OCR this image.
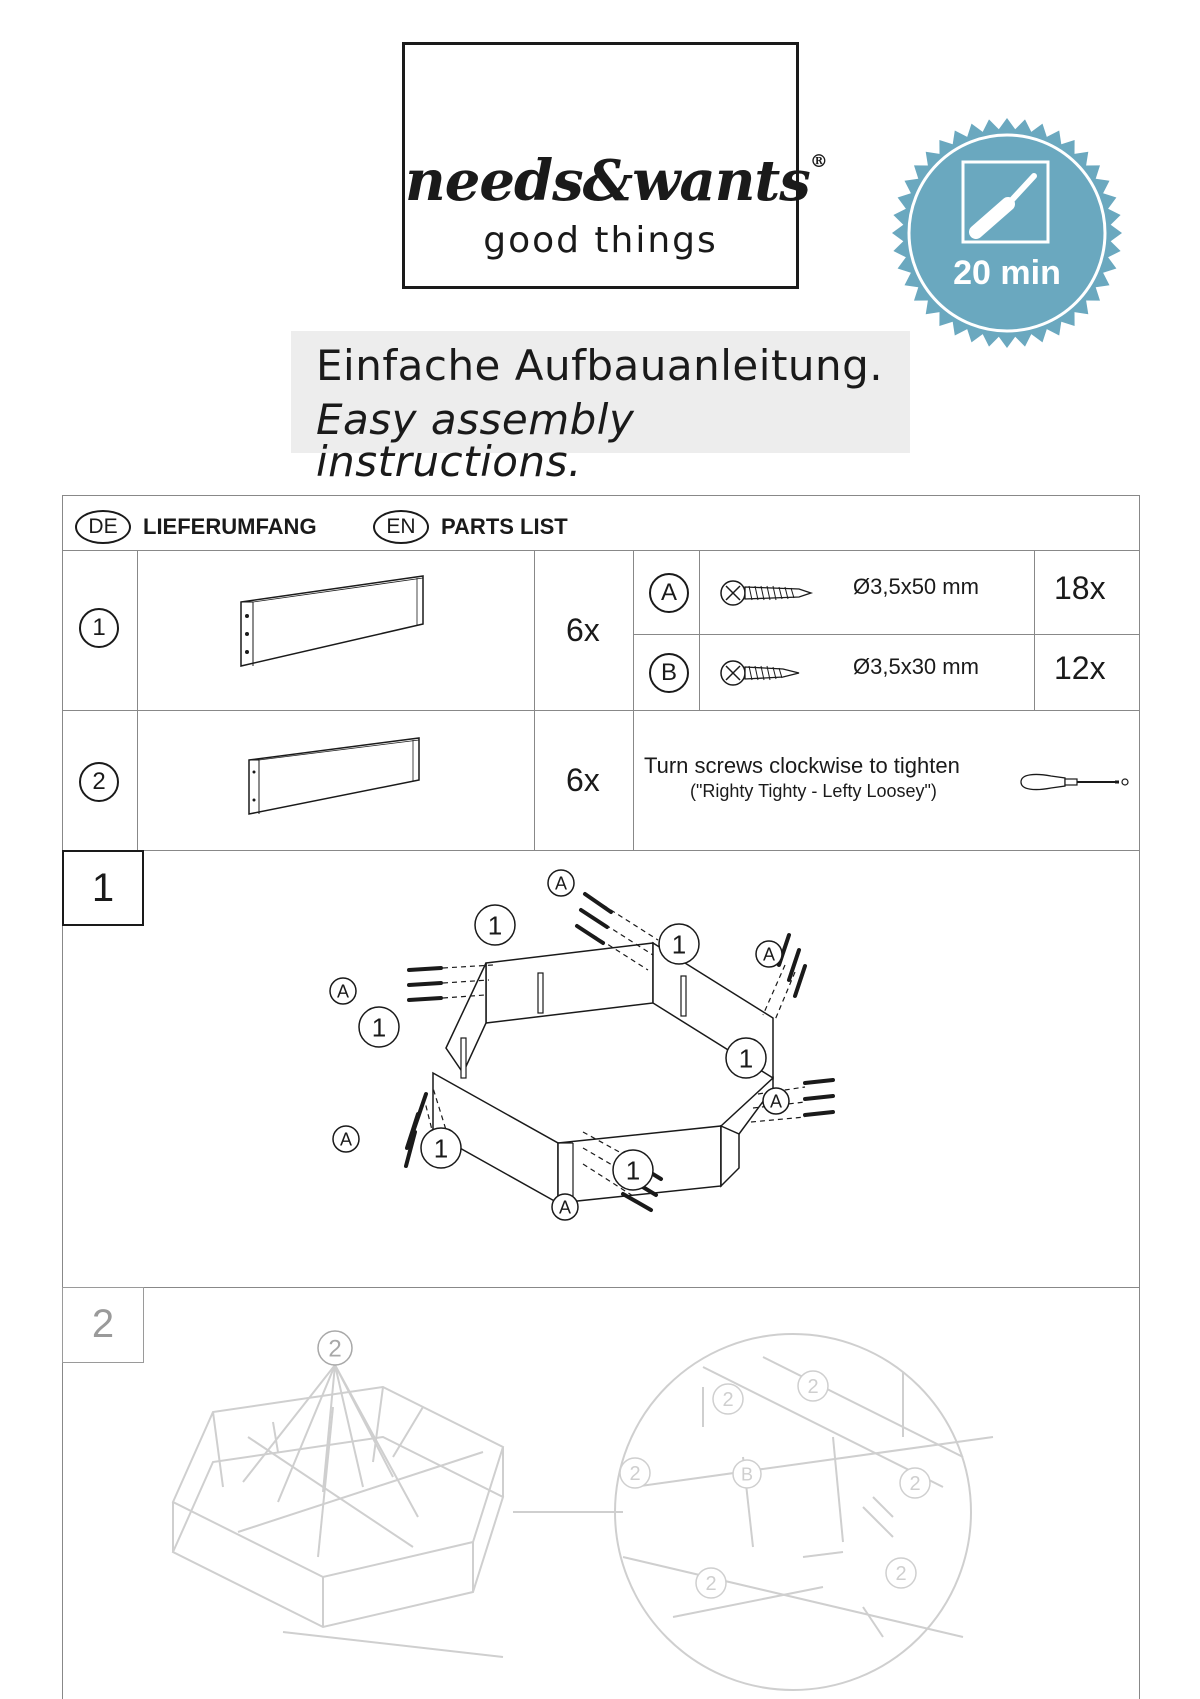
needs&wants®
good things
20 min
Einfache Aufbauanleitung.
Easy assembly instructions.
DE	LIEFERUMFANG	EN	PARTS LIST
1	6x
A	Ø3,5x50 mm 18x
B	Ø3,5x30 mm 12x
2	6x Turn screws clockwise to tighten
("Righty Tighty - Lefty Loosey")
1
1
1
1
1
1
1
A
A
A
A
A
A
2
2
2
2
2	2
2	2
B
